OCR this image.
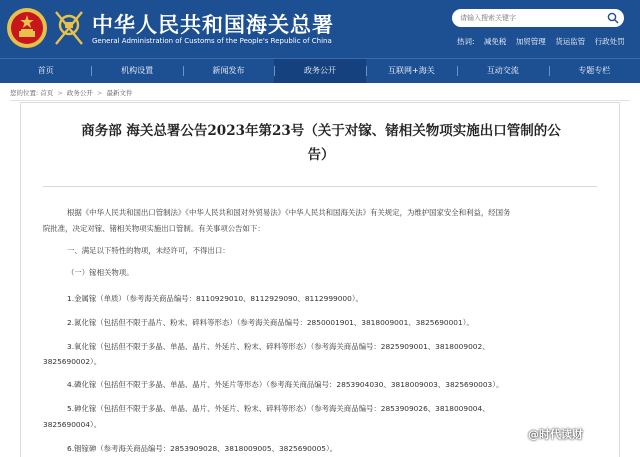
中华人民共和国海关总署
General Administration of Customs of the People's Republic of China
请输入搜索关键字	热词: 减免税 加贸管理 货运监管 行政处罚
首页	机构设置	新闻发布	政务公开	互联网+海关	互动交流	专题专栏
您的位置: 首页 > 政务公开 > 最新文件
商务部 海关总署公告2023年第23号（关于对镓、锗相关物项实施出口管制的公
告）
根据《中华人民共和国出口管制法》《中华人民共和国对外贸易法》《中华人民共和国海关法》有关规定，为维护国家安全和利益，经国务
院批准，决定对镓、锗相关物项实施出口管制。有关事项公告如下：
一、满足以下特性的物项，未经许可，不得出口：
（一）镓相关物项。
1.金属镓（单质）（参考海关商品编号：8110929010、8112929090、8112999000）。
2.氮化镓（包括但不限于晶片、粉末、碎料等形态）（参考海关商品编号：2850001901、3818009001、3825690001）。
3.氧化镓（包括但不限于多晶、单晶、晶片、外延片、粉末、碎料等形态）（参考海关商品编号：2825909001、3818009002、
3825690002）。
4.磷化镓（包括但不限于多晶、单晶、晶片、外延片等形态）（参考海关商品编号：2853904030、3818009003、3825690003）。
5.砷化镓（包括但不限于多晶、单晶、晶片、外延片、粉末、碎料等形态）（参考海关商品编号：2853909026、3818009004、
3825690004）。
6.铟镓砷（参考海关商品编号：2853909028、3818009005、3825690005）。
@时代读财
